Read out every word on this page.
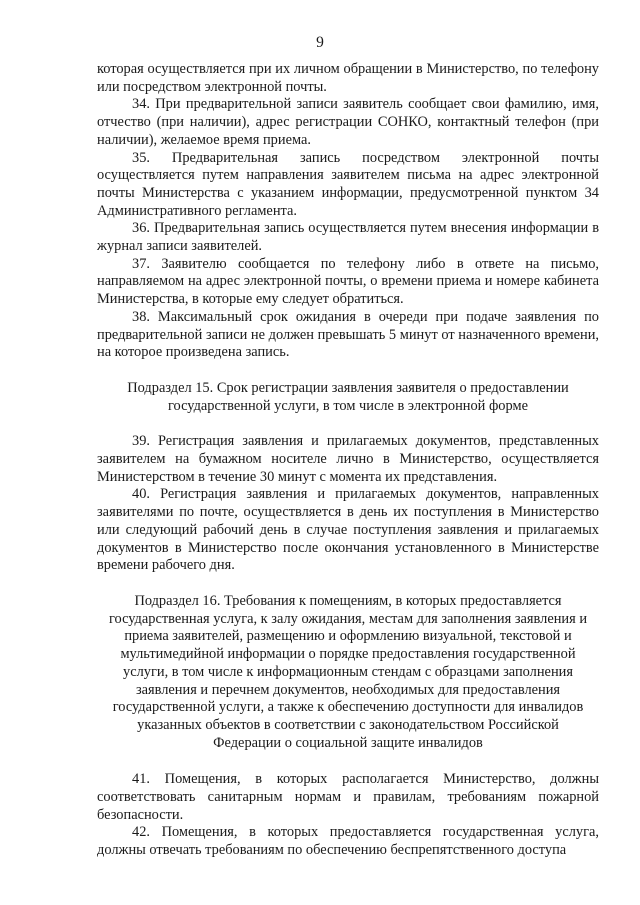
9

которая осуществляется при их личном обращении в Министерство, по телефону или посредством электронной почты.

34. При предварительной записи заявитель сообщает свои фамилию, имя, отчество (при наличии), адрес регистрации СОНКО, контактный телефон (при наличии), желаемое время приема.

35. Предварительная запись посредством электронной почты осуществляется путем направления заявителем письма на адрес электронной почты Министерства с указанием информации, предусмотренной пунктом 34 Административного регламента.

36. Предварительная запись осуществляется путем внесения информации в журнал записи заявителей.

37. Заявителю сообщается по телефону либо в ответе на письмо, направляемом на адрес электронной почты, о времени приема и номере кабинета Министерства, в которые ему следует обратиться.

38. Максимальный срок ожидания в очереди при подаче заявления по предварительной записи не должен превышать 5 минут от назначенного времени, на которое произведена запись.

Подраздел 15. Срок регистрации заявления заявителя о предоставлении
государственной услуги, в том числе в электронной форме

39. Регистрация заявления и прилагаемых документов, представленных заявителем на бумажном носителе лично в Министерство, осуществляется Министерством в течение 30 минут с момента их представления.

40. Регистрация заявления и прилагаемых документов, направленных заявителями по почте, осуществляется в день их поступления в Министерство или следующий рабочий день в случае поступления заявления и прилагаемых документов в Министерство после окончания установленного в Министерстве времени рабочего дня.

Подраздел 16. Требования к помещениям, в которых предоставляется
государственная услуга, к залу ожидания, местам для заполнения заявления и
приема заявителей, размещению и оформлению визуальной, текстовой и
мультимедийной информации о порядке предоставления государственной
услуги, в том числе к информационным стендам с образцами заполнения
заявления и перечнем документов, необходимых для предоставления
государственной услуги, а также к обеспечению доступности для инвалидов
указанных объектов в соответствии с законодательством Российской
Федерации о социальной защите инвалидов

41. Помещения, в которых располагается Министерство, должны соответствовать санитарным нормам и правилам, требованиям пожарной безопасности.

42. Помещения, в которых предоставляется государственная услуга, должны отвечать требованиям по обеспечению беспрепятственного доступа
